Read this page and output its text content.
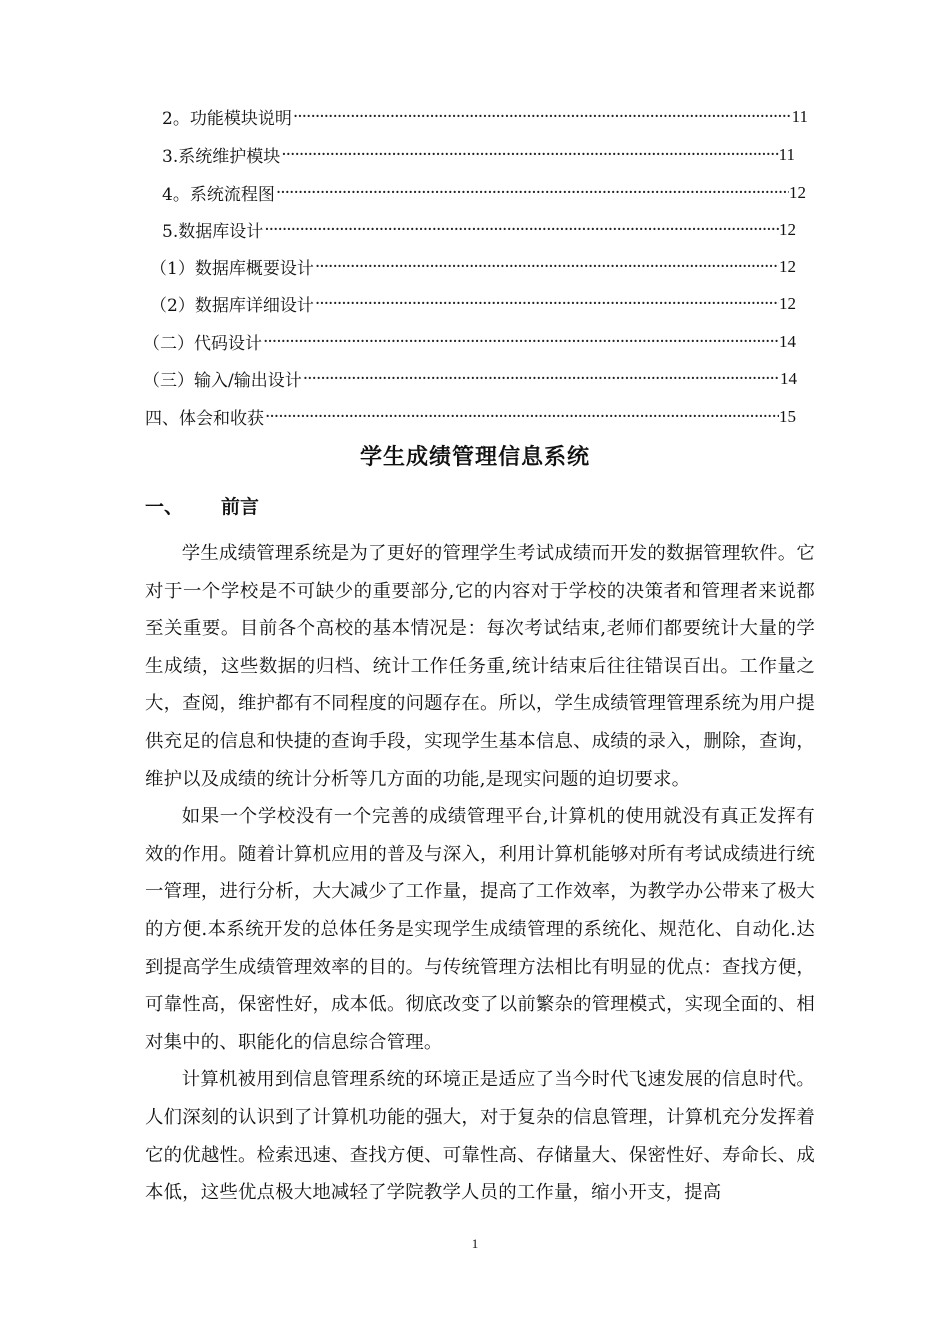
2。功能模块说明 ·····	11
3.系统维护模块 ·····	11
4。系统流程图 ·····	12
5.数据库设计 ·····	12
（1）数据库概要设计 ·····	12
（2）数据库详细设计 ·····	12
（二）代码设计 ·····	14
（三）输入/输出设计 ·····	14
四、体会和收获 ·····	15
学生成绩管理信息系统
一、 前言

学生成绩管理系统是为了更好的管理学生考试成绩而开发的数据管理软件。它对于一个学校是不可缺少的重要部分,它的内容对于学校的决策者和管理者来说都至关重要。目前各个高校的基本情况是：每次考试结束,老师们都要统计大量的学生成绩，这些数据的归档、统计工作任务重,统计结束后往往错误百出。工作量之大，查阅，维护都有不同程度的问题存在。所以，学生成绩管理管理系统为用户提供充足的信息和快捷的查询手段，实现学生基本信息、成绩的录入，删除，查询，维护以及成绩的统计分析等几方面的功能,是现实问题的迫切要求。

如果一个学校没有一个完善的成绩管理平台,计算机的使用就没有真正发挥有效的作用。随着计算机应用的普及与深入，利用计算机能够对所有考试成绩进行统一管理，进行分析，大大减少了工作量，提高了工作效率，为教学办公带来了极大的方便.本系统开发的总体任务是实现学生成绩管理的系统化、规范化、自动化.达到提高学生成绩管理效率的目的。与传统管理方法相比有明显的优点：查找方便，可靠性高，保密性好，成本低。彻底改变了以前繁杂的管理模式，实现全面的、相对集中的、职能化的信息综合管理。

计算机被用到信息管理系统的环境正是适应了当今时代飞速发展的信息时代。人们深刻的认识到了计算机功能的强大，对于复杂的信息管理，计算机充分发挥着它的优越性。检索迅速、查找方便、可靠性高、存储量大、保密性好、寿命长、成本低，这些优点极大地减轻了学院教学人员的工作量，缩小开支，提高

1
